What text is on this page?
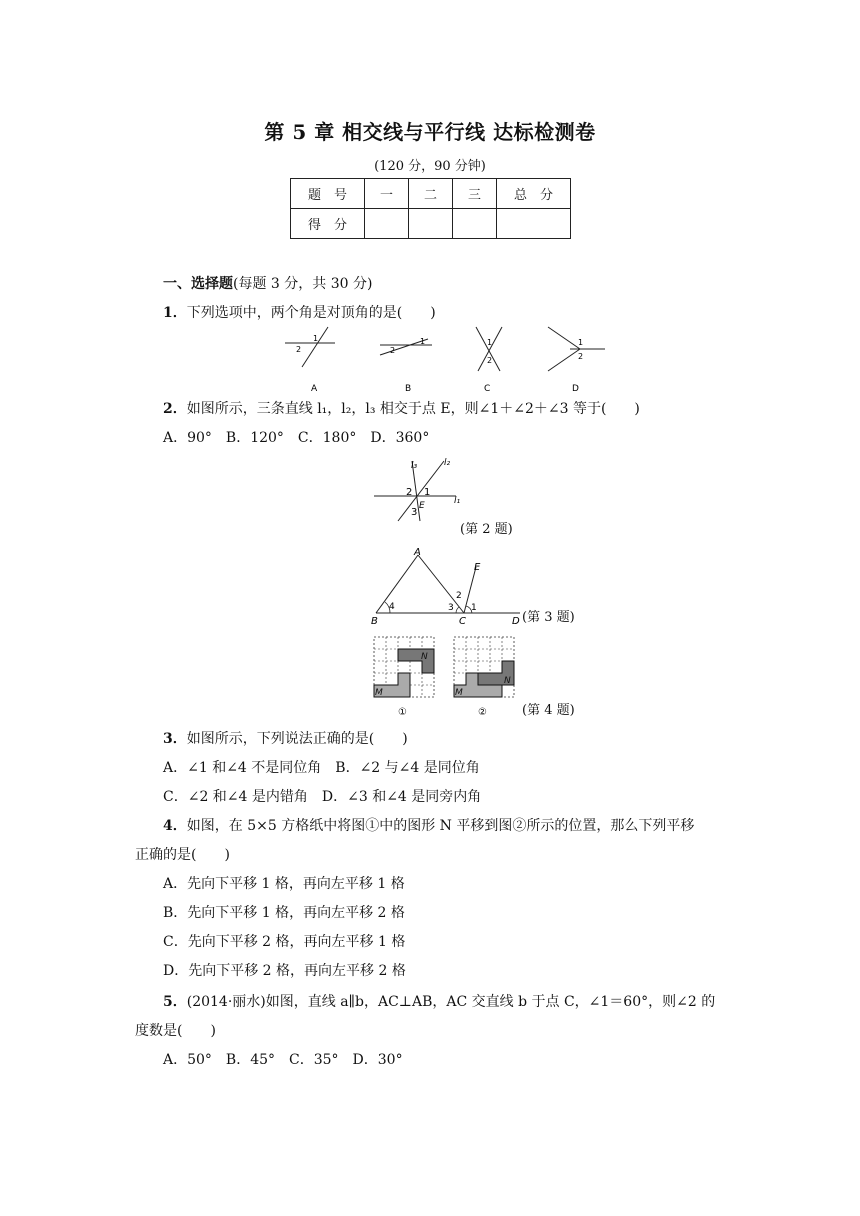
第 5 章 相交线与平行线 达标检测卷
(120 分，90 分钟)
题　号	一	二	三	总　分
得　分				
一、选择题(每题 3 分，共 30 分)
1．下列选项中，两个角是对顶角的是(　　)
2
1
A
2
1
B
1
2
C
1
2
D
2．如图所示，三条直线 l₁，l₂，l₃ 相交于点 E，则∠1＋∠2＋∠3 等于(　　)
A．90°　B．120°　C．180°　D．360°
l₃	l₂
l₁
2 1
3
E
(第 2 题)
A
B	C	D
E
1
2
3
4
(第 3 题)
N
M
①
N
M
②	(第 4 题)
3．如图所示，下列说法正确的是(　　)
A．∠1 和∠4 不是同位角　B．∠2 与∠4 是同位角
C．∠2 和∠4 是内错角　D．∠3 和∠4 是同旁内角
4．如图，在 5×5 方格纸中将图①中的图形 N 平移到图②所示的位置，那么下列平移
正确的是(　　)
A．先向下平移 1 格，再向左平移 1 格
B．先向下平移 1 格，再向左平移 2 格
C．先向下平移 2 格，再向左平移 1 格
D．先向下平移 2 格，再向左平移 2 格
5．(2014·丽水)如图，直线 a∥b，AC⊥AB，AC 交直线 b 于点 C，∠1＝60°，则∠2 的
度数是(　　)
A．50°　B．45°　C．35°　D．30°
